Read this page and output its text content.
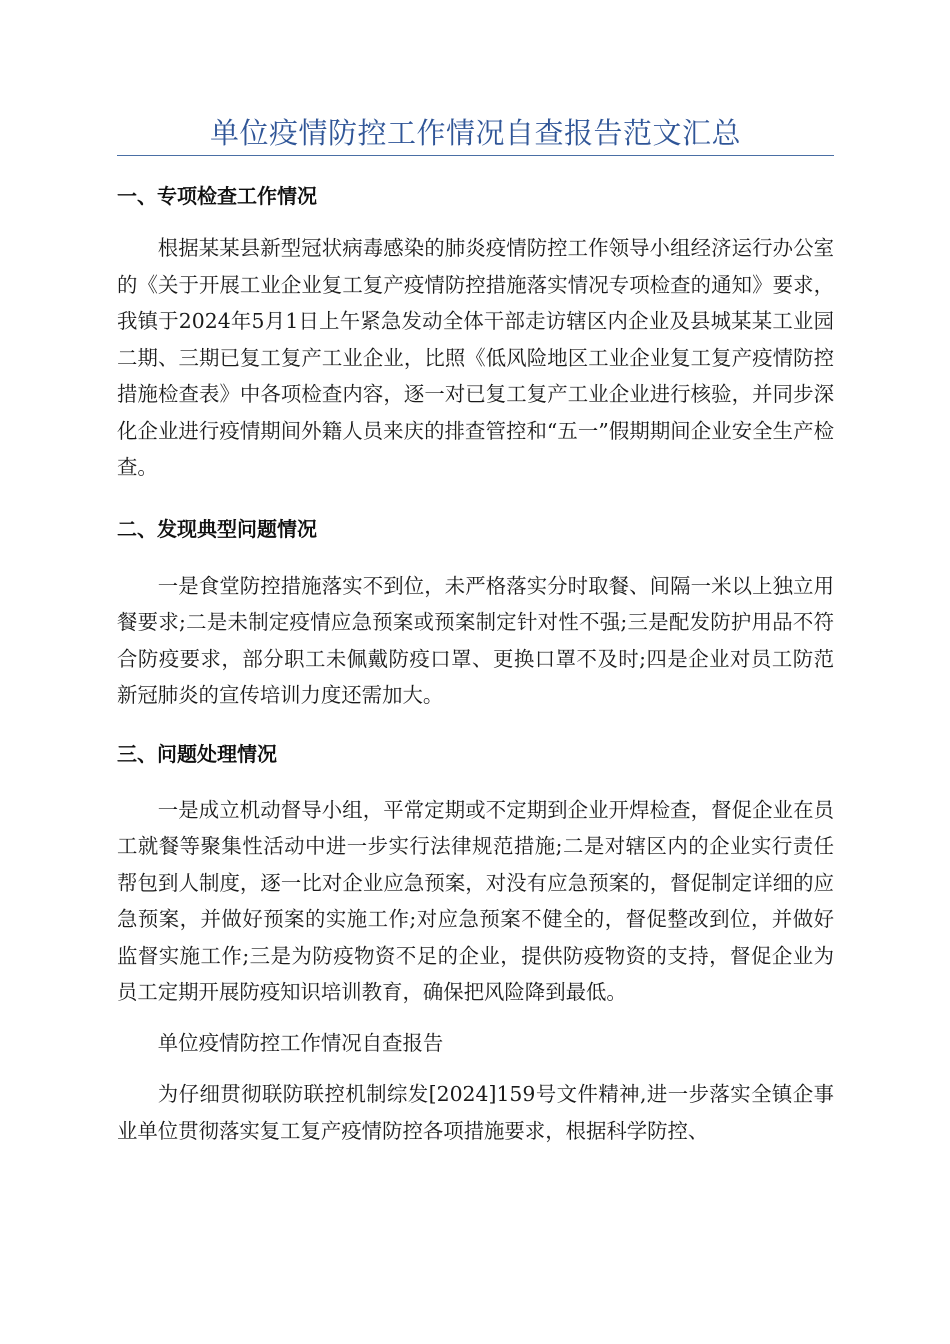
单位疫情防控工作情况自查报告范文汇总
一、专项检查工作情况

根据某某县新型冠状病毒感染的肺炎疫情防控工作领导小组经济运行办公室的《关于开展工业企业复工复产疫情防控措施落实情况专项检查的通知》要求，我镇于2024年5月1日上午紧急发动全体干部走访辖区内企业及县城某某工业园二期、三期已复工复产工业企业，比照《低风险地区工业企业复工复产疫情防控措施检查表》中各项检查内容，逐一对已复工复产工业企业进行核验，并同步深化企业进行疫情期间外籍人员来庆的排查管控和“五一”假期期间企业安全生产检查。

二、发现典型问题情况

一是食堂防控措施落实不到位，未严格落实分时取餐、间隔一米以上独立用餐要求;二是未制定疫情应急预案或预案制定针对性不强;三是配发防护用品不符合防疫要求，部分职工未佩戴防疫口罩、更换口罩不及时;四是企业对员工防范新冠肺炎的宣传培训力度还需加大。

三、问题处理情况

一是成立机动督导小组，平常定期或不定期到企业开焊检查，督促企业在员工就餐等聚集性活动中进一步实行法律规范措施;二是对辖区内的企业实行责任帮包到人制度，逐一比对企业应急预案，对没有应急预案的，督促制定详细的应急预案，并做好预案的实施工作;对应急预案不健全的，督促整改到位，并做好监督实施工作;三是为防疫物资不足的企业，提供防疫物资的支持，督促企业为员工定期开展防疫知识培训教育，确保把风险降到最低。

单位疫情防控工作情况自查报告

为仔细贯彻联防联控机制综发[2024]159号文件精神,进一步落实全镇企事业单位贯彻落实复工复产疫情防控各项措施要求，根据科学防控、
